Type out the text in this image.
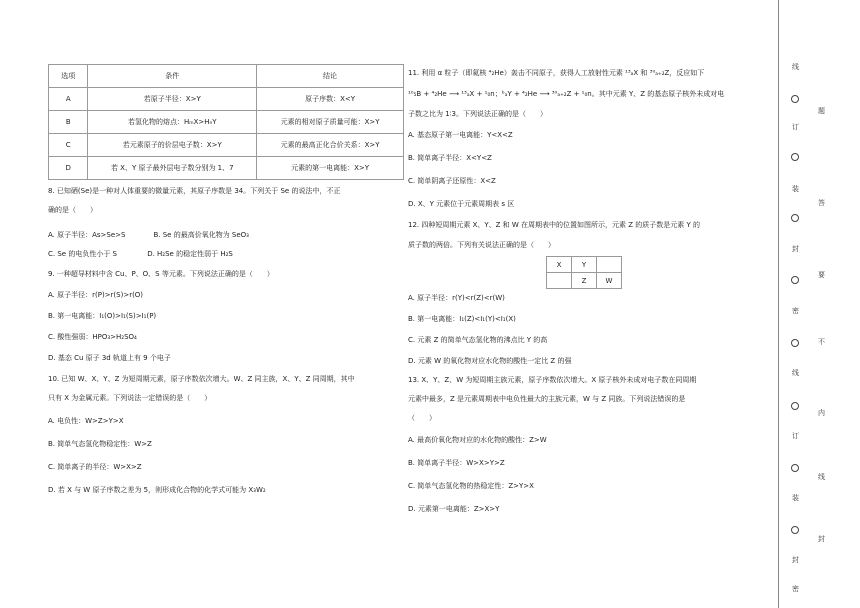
选项	条件	结论
A	若原子半径：X>Y	原子序数：X<Y
B	若氢化物的熔点：HₘX>HₙY	元素的相对原子质量可能：X>Y
C	若元素原子的价层电子数：X>Y	元素的最高正化合价关系：X>Y
D	若 X、Y 原子最外层电子数分别为 1、7	元素的第一电离能：X>Y
8. 已知硒(Se)是一种对人体重要的微量元素，其原子序数是 34。下列关于 Se 的说法中，不正
确的是（　　）
A. 原子半径：As>Se>S　　　　B. Se 的最高价氧化物为 SeO₃
C. Se 的电负性小于 S　　　　 D. H₂Se 的稳定性弱于 H₂S
9. 一种超导材料中含 Cu、P、O、S 等元素。下列说法正确的是（　　）
A. 原子半径：r(P)>r(S)>r(O)
B. 第一电离能：I₁(O)>I₁(S)>I₁(P)
C. 酸性强弱：HPO₃>H₂SO₄
D. 基态 Cu 原子 3d 轨道上有 9 个电子
10. 已知 W、X、Y、Z 为短周期元素，原子序数依次增大。W、Z 同主族，X、Y、Z 同周期，其中
只有 X 为金属元素。下列说法一定错误的是（　　）
A. 电负性：W>Z>Y>X
B. 简单气态氢化物稳定性：W>Z
C. 简单离子的半径：W>X>Z
D. 若 X 与 W 原子序数之差为 5，则形成化合物的化学式可能为 X₃W₂
11. 利用 α 粒子（即氦核 ⁴₂He）轰击不同原子，获得人工放射性元素 ¹³ₐX 和 ³⁰ₐ₊₂Z，反应如下
¹⁰₅B + ⁴₂He ⟶ ¹³ₐX + ¹₀n；ᵇₐY + ⁴₂He ⟶ ³⁰ₐ₊₂Z + ¹₀n。其中元素 Y、Z 的基态原子核外未成对电
子数之比为 1∶3。下列说法正确的是（　　）
A. 基态原子第一电离能：Y<X<Z
B. 简单离子半径：X<Y<Z
C. 简单阴离子还原性：X<Z
D. X、Y 元素位于元素周期表 s 区
12. 四种短周期元素 X、Y、Z 和 W 在周期表中的位置如图所示，元素 Z 的质子数是元素 Y 的
质子数的两倍。下列有关说法正确的是（　　）
X	Y	
	Z	W
A. 原子半径：r(Y)<r(Z)<r(W)
B. 第一电离能：I₁(Z)<I₁(Y)<I₁(X)
C. 元素 Z 的简单气态氢化物的沸点比 Y 的高
D. 元素 W 的氧化物对应水化物的酸性一定比 Z 的强
13. X、Y、Z、W 为短周期主族元素，原子序数依次增大。X 原子核外未成对电子数在同周期
元素中最多，Z 是元素周期表中电负性最大的主族元素，W 与 Z 同族。下列说法错误的是
（　　）
A. 最高价氧化物对应的水化物的酸性：Z>W
B. 简单离子半径：W>X>Y>Z
C. 简单气态氢化物的热稳定性：Z>Y>X
D. 元素第一电离能：Z>X>Y
线
订
装
封
密
线
订
装
封
密
题
答
要
不
内
线
封
